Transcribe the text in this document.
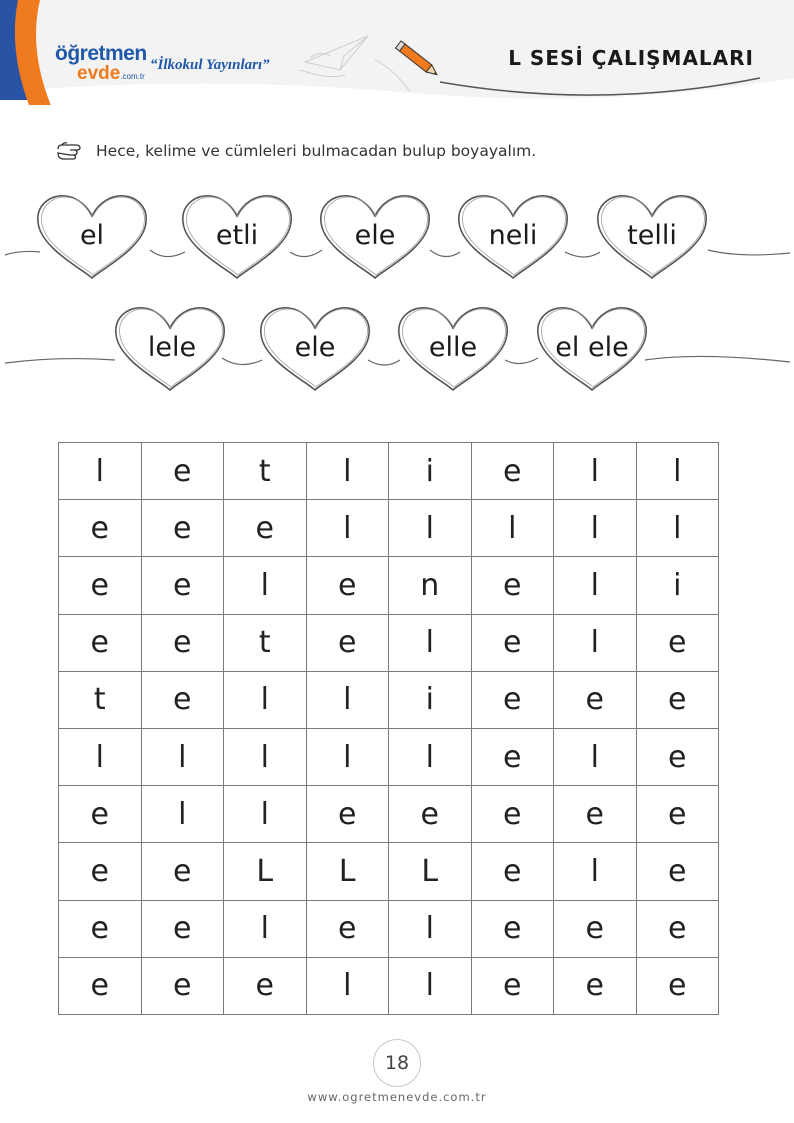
öğretmen
evde.com.tr
“İlkokul Yayınları”	L SESİ ÇALIŞMALARI
Hece, kelime ve cümleleri bulmacadan bulup boyayalım.
el	etli	ele	neli	telli
lele	ele	elle	el ele
l	e	t	l	i	e	l	l
e	e	e	l	l	l	l	l
e	e	l	e	n	e	l	i
e	e	t	e	l	e	l	e
t	e	l	l	i	e	e	e
l	l	l	l	l	e	l	e
e	l	l	e	e	e	e	e
e	e	L	L	L	e	l	e
e	e	l	e	l	e	e	e
e	e	e	l	l	e	e	e
18
www.ogretmenevde.com.tr
